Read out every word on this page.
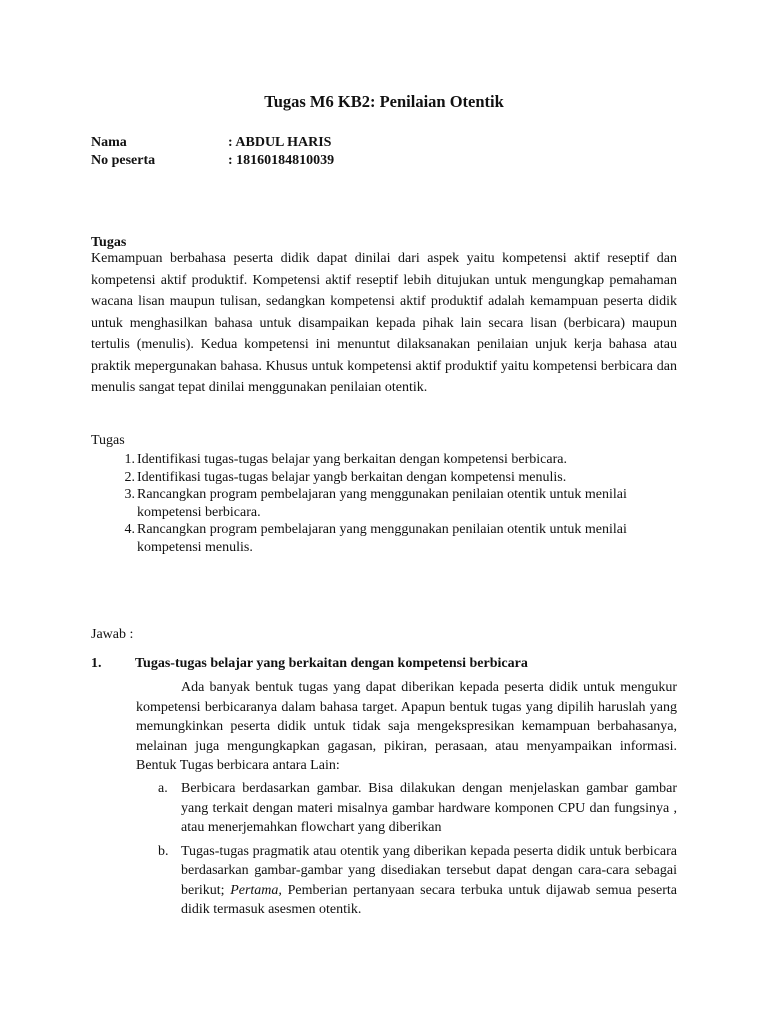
Tugas M6 KB2: Penilaian Otentik
Nama	: ABDUL HARIS
No peserta	: 18160184810039
Tugas
Kemampuan berbahasa peserta didik dapat dinilai dari aspek yaitu kompetensi aktif reseptif dan kompetensi aktif produktif. Kompetensi aktif reseptif lebih ditujukan untuk mengungkap pemahaman wacana lisan maupun tulisan, sedangkan kompetensi aktif produktif adalah kemampuan peserta didik untuk menghasilkan bahasa untuk disampaikan kepada pihak lain secara lisan (berbicara) maupun tertulis (menulis). Kedua kompetensi ini menuntut dilaksanakan penilaian unjuk kerja bahasa atau praktik mepergunakan bahasa. Khusus untuk kompetensi aktif produktif yaitu kompetensi berbicara dan menulis sangat tepat dinilai menggunakan penilaian otentik.
Tugas
1. Identifikasi tugas-tugas belajar yang berkaitan dengan kompetensi berbicara.
2. Identifikasi tugas-tugas belajar yangb berkaitan dengan kompetensi menulis.
3. Rancangkan program pembelajaran yang menggunakan penilaian otentik untuk menilai kompetensi berbicara.
4. Rancangkan program pembelajaran yang menggunakan penilaian otentik untuk menilai kompetensi menulis.
Jawab :
1. Tugas-tugas belajar yang berkaitan dengan kompetensi berbicara
Ada banyak bentuk tugas yang dapat diberikan kepada peserta didik untuk mengukur kompetensi berbicaranya dalam bahasa target. Apapun bentuk tugas yang dipilih haruslah yang memungkinkan peserta didik untuk tidak saja mengekspresikan kemampuan berbahasanya, melainan juga mengungkapkan gagasan, pikiran, perasaan, atau menyampaikan informasi. Bentuk Tugas berbicara antara Lain:
a. Berbicara berdasarkan gambar. Bisa dilakukan dengan menjelaskan gambar gambar yang terkait dengan materi misalnya gambar hardware komponen CPU dan fungsinya , atau menerjemahkan flowchart yang diberikan
b. Tugas-tugas pragmatik atau otentik yang diberikan kepada peserta didik untuk berbicara berdasarkan gambar-gambar yang disediakan tersebut dapat dengan cara-cara sebagai berikut; Pertama, Pemberian pertanyaan secara terbuka untuk dijawab semua peserta didik termasuk asesmen otentik.
